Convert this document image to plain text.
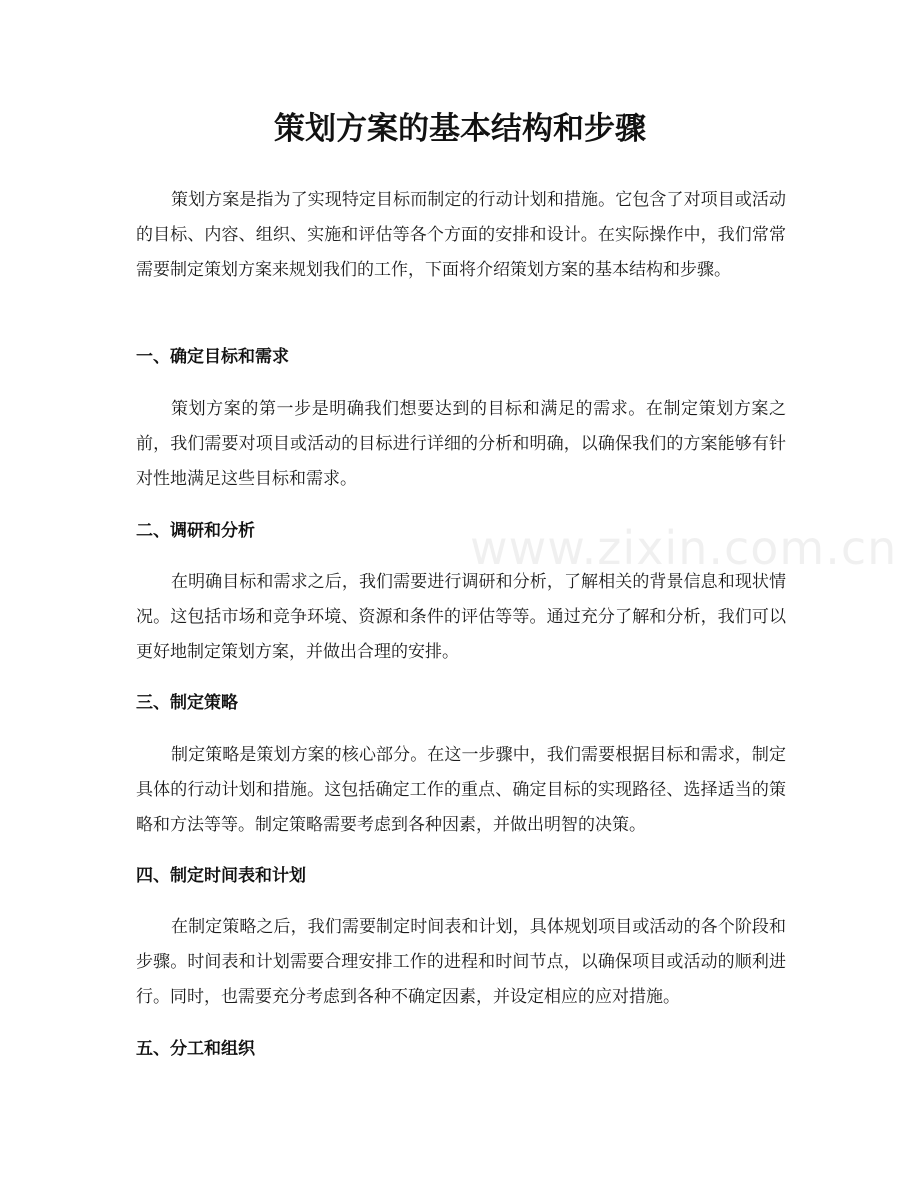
策划方案的基本结构和步骤

策划方案是指为了实现特定目标而制定的行动计划和措施。它包含了对项目或活动的目标、内容、组织、实施和评估等各个方面的安排和设计。在实际操作中，我们常常需要制定策划方案来规划我们的工作，下面将介绍策划方案的基本结构和步骤。

一、确定目标和需求

策划方案的第一步是明确我们想要达到的目标和满足的需求。在制定策划方案之前，我们需要对项目或活动的目标进行详细的分析和明确，以确保我们的方案能够有针对性地满足这些目标和需求。

二、调研和分析

在明确目标和需求之后，我们需要进行调研和分析，了解相关的背景信息和现状情况。这包括市场和竞争环境、资源和条件的评估等等。通过充分了解和分析，我们可以更好地制定策划方案，并做出合理的安排。

三、制定策略

制定策略是策划方案的核心部分。在这一步骤中，我们需要根据目标和需求，制定具体的行动计划和措施。这包括确定工作的重点、确定目标的实现路径、选择适当的策略和方法等等。制定策略需要考虑到各种因素，并做出明智的决策。

四、制定时间表和计划

在制定策略之后，我们需要制定时间表和计划，具体规划项目或活动的各个阶段和步骤。时间表和计划需要合理安排工作的进程和时间节点，以确保项目或活动的顺利进行。同时，也需要充分考虑到各种不确定因素，并设定相应的应对措施。

五、分工和组织
www.zixin.com.cn
